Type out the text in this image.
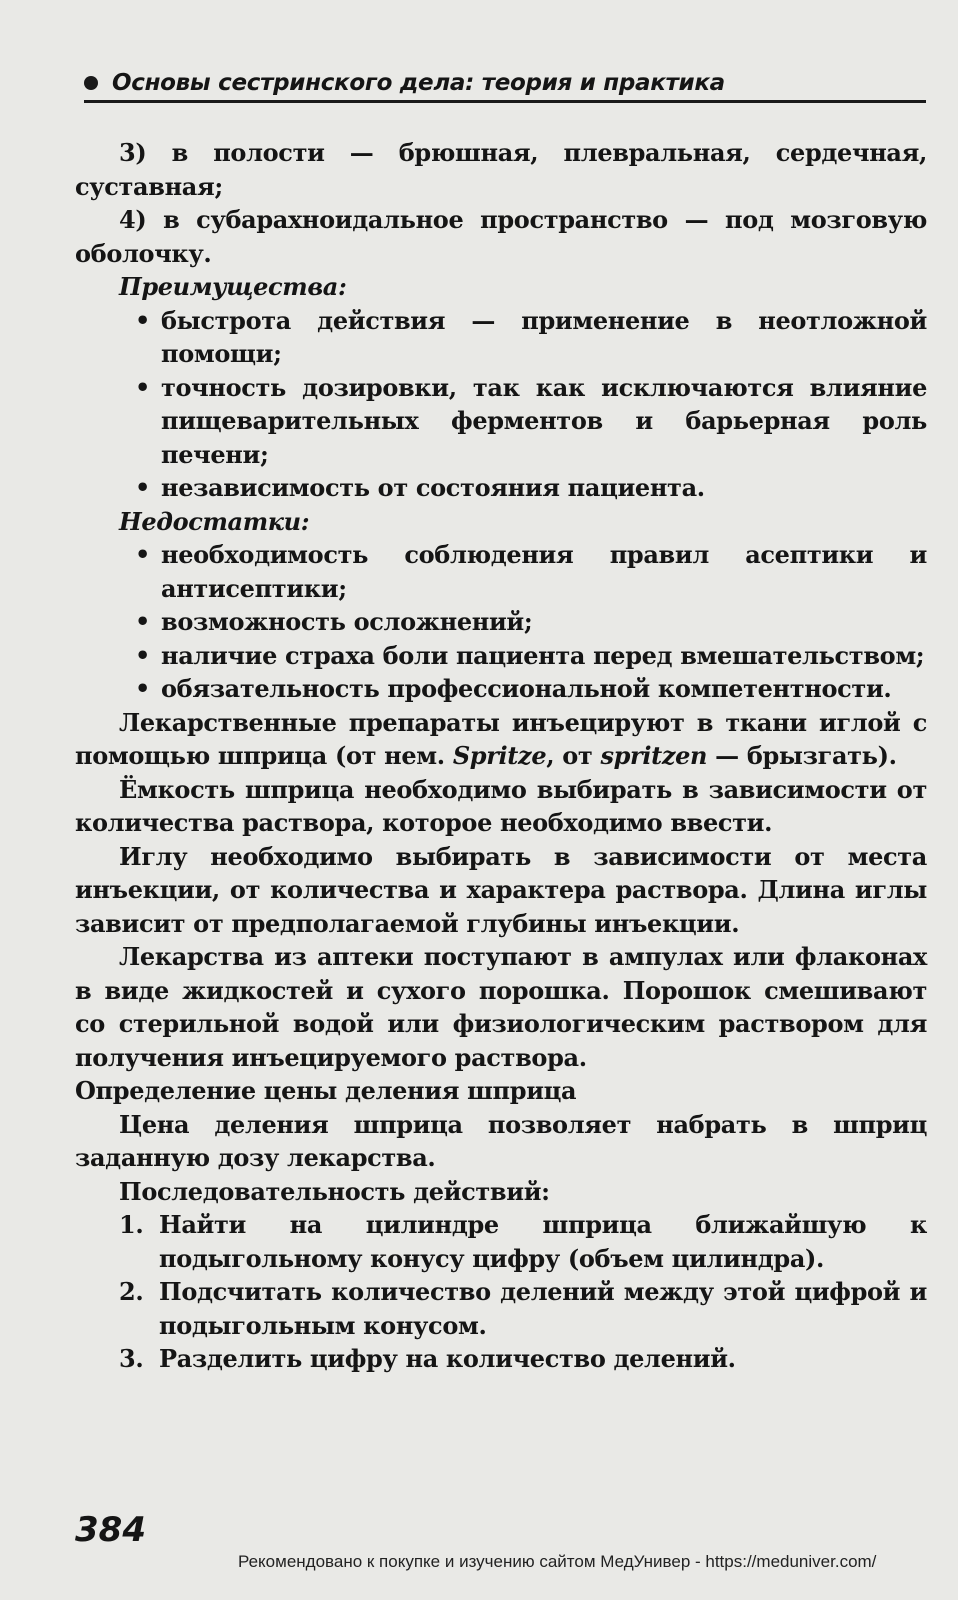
Основы сестринского дела: теория и практика

3) в полости — брюшная, плевральная, сердечная, суставная;

4) в субарахноидальное пространство — под мозговую оболочку.

Преимущества:

• быстрота действия — применение в неотложной помощи;
• точность дозировки, так как исключаются влияние пищеварительных ферментов и барьерная роль печени;
• независимость от состояния пациента.

Недостатки:

• необходимость соблюдения правил асептики и антисептики;
• возможность осложнений;
• наличие страха боли пациента перед вмешательством;
• обязательность профессиональной компетентности.

Лекарственные препараты инъецируют в ткани иглой с помощью шприца (от нем. Spritze, от spritzen — брызгать).

Ёмкость шприца необходимо выбирать в зависимости от количества раствора, которое необходимо ввести.

Иглу необходимо выбирать в зависимости от места инъекции, от количества и характера раствора. Длина иглы зависит от предполагаемой глубины инъекции.

Лекарства из аптеки поступают в ампулах или флаконах в виде жидкостей и сухого порошка. Порошок смешивают со стерильной водой или физиологическим раствором для получения инъецируемого раствора.

Определение цены деления шприца

Цена деления шприца позволяет набрать в шприц заданную дозу лекарства.

Последовательность действий:

1. Найти на цилиндре шприца ближайшую к подыгольному конусу цифру (объем цилиндра).
2. Подсчитать количество делений между этой цифрой и подыгольным конусом.
3. Разделить цифру на количество делений.
384
Рекомендовано к покупке и изучению сайтом МедУнивер - https://meduniver.com/
